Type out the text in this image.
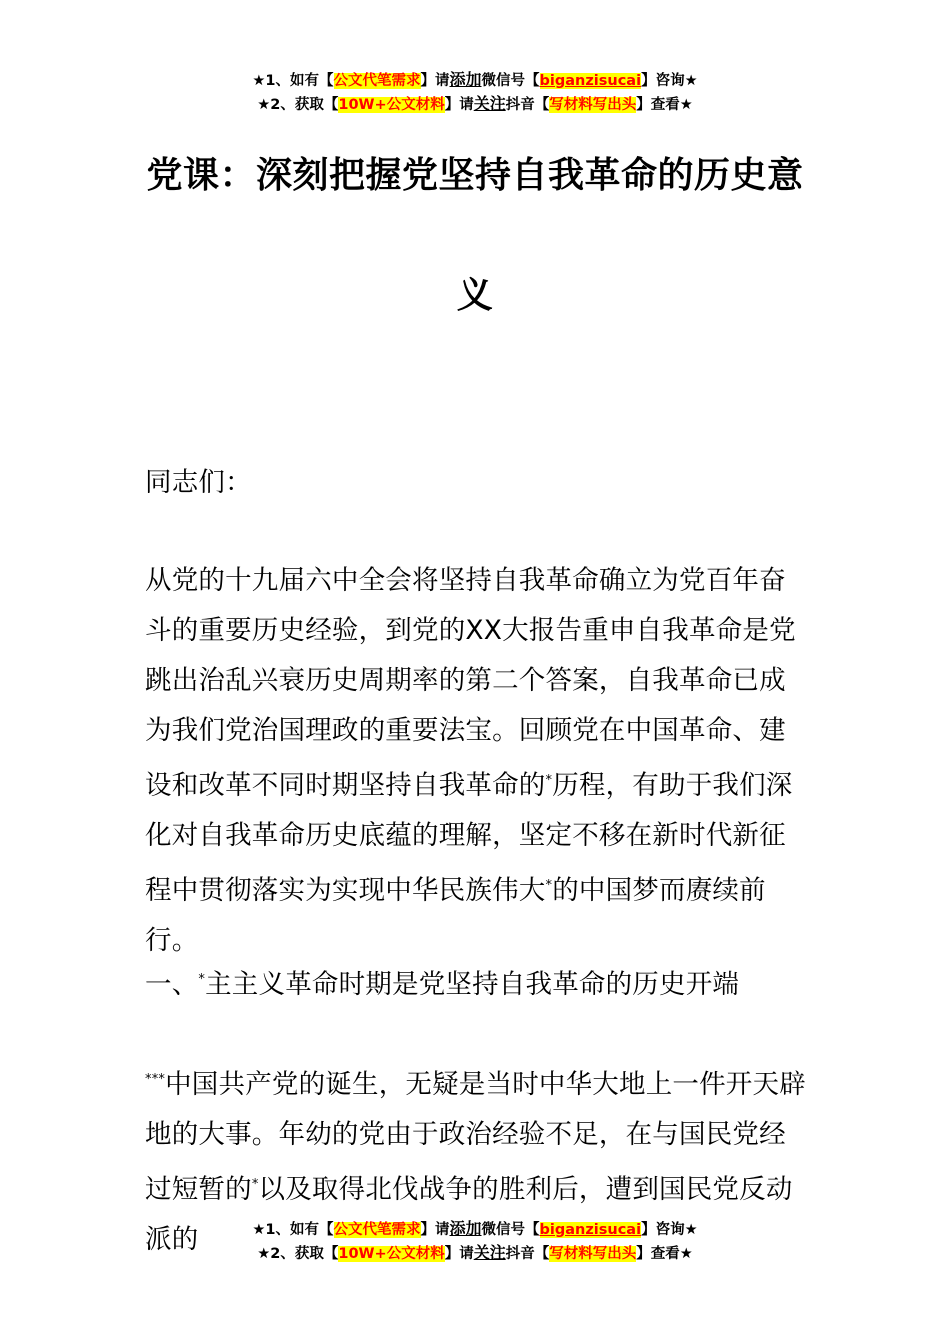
★1、如有【公文代笔需求】请添加微信号【biganzisucai】咨询★
★2、获取【10W+公文材料】请关注抖音【写材料写出头】查看★
党课：深刻把握党坚持自我革命的历史意
义

同志们：

从党的十九届六中全会将坚持自我革命确立为党百年奋斗的重要历史经验，到党的XX大报告重申自我革命是党跳出治乱兴衰历史周期率的第二个答案，自我革命已成为我们党治国理政的重要法宝。回顾党在中国革命、建设和改革不同时期坚持自我革命的*历程，有助于我们深化对自我革命历史底蕴的理解，坚定不移在新时代新征程中贯彻落实为实现中华民族伟大*的中国梦而赓续前行。

一、*主主义革命时期是党坚持自我革命的历史开端

***中国共产党的诞生，无疑是当时中华大地上一件开天辟地的大事。年幼的党由于政治经验不足，在与国民党经过短暂的*以及取得北伐战争的胜利后，遭到国民党反动派的	★1、如有【公文代笔需求】请添加微信号【biganzisucai】咨询★
★2、获取【10W+公文材料】请关注抖音【写材料写出头】查看★
